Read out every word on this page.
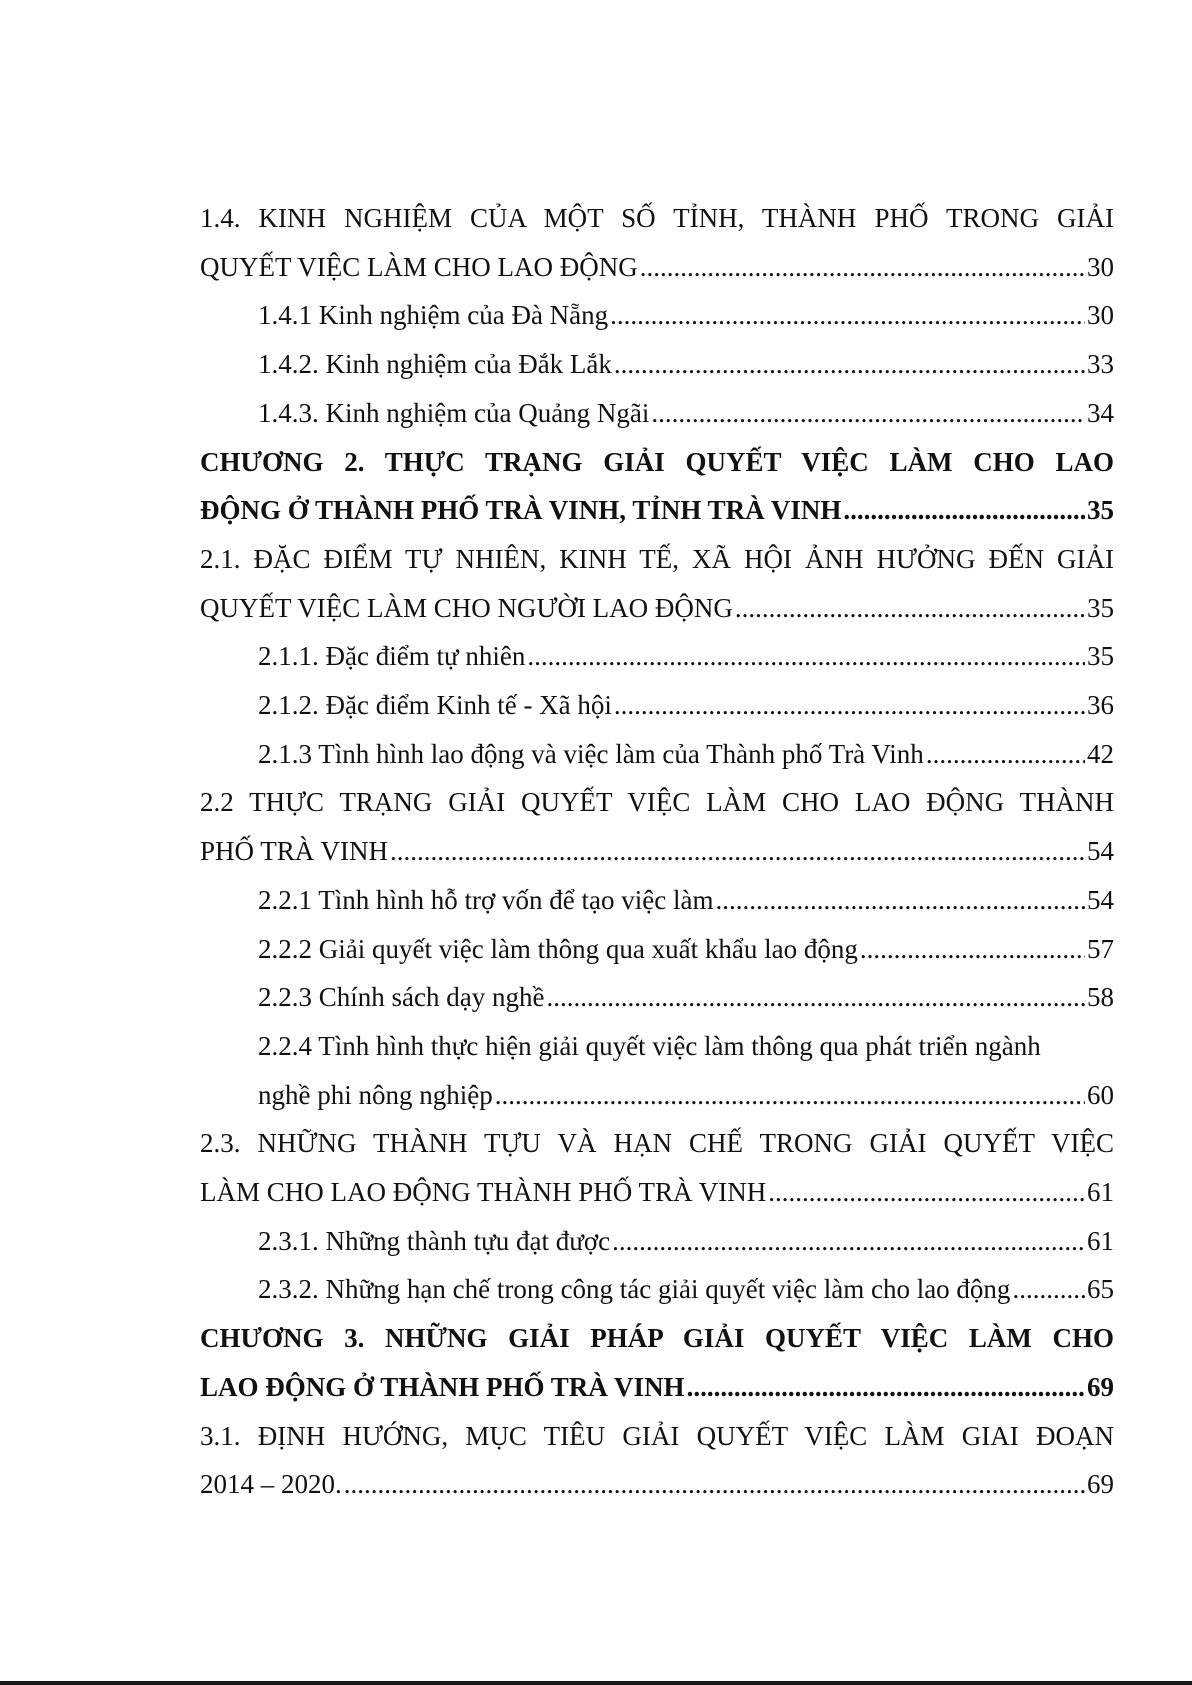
1.4. KINH NGHIỆM CỦA MỘT SỐ TỈNH, THÀNH PHỐ TRONG GIẢI
QUYẾT VIỆC LÀM CHO LAO ĐỘNG .....	30
1.4.1 Kinh nghiệm của Đà Nẵng .....	30
1.4.2. Kinh nghiệm của Đắk Lắk .....	33
1.4.3. Kinh nghiệm của Quảng Ngãi .....	34
CHƯƠNG 2. THỰC TRẠNG GIẢI QUYẾT VIỆC LÀM CHO LAO
ĐỘNG Ở THÀNH PHỐ TRÀ VINH, TỈNH TRÀ VINH .....	35
2.1. ĐẶC ĐIỂM TỰ NHIÊN, KINH TẾ, XÃ HỘI ẢNH HƯỞNG ĐẾN GIẢI
QUYẾT VIỆC LÀM CHO NGƯỜI LAO ĐỘNG .....	35
2.1.1. Đặc điểm tự nhiên .....	35
2.1.2. Đặc điểm Kinh tế - Xã hội .....	36
2.1.3 Tình hình lao động và việc làm của Thành phố Trà Vinh .....	42
2.2 THỰC TRẠNG GIẢI QUYẾT VIỆC LÀM CHO LAO ĐỘNG THÀNH
PHỐ TRÀ VINH .....	54
2.2.1 Tình hình hỗ trợ vốn để tạo việc làm .....	54
2.2.2 Giải quyết việc làm thông qua xuất khẩu lao động .....	57
2.2.3 Chính sách dạy nghề .....	58
2.2.4 Tình hình thực hiện giải quyết việc làm thông qua phát triển ngành
nghề phi nông nghiệp .....	60
2.3. NHỮNG THÀNH TỰU VÀ HẠN CHẾ TRONG GIẢI QUYẾT VIỆC
LÀM CHO LAO ĐỘNG THÀNH PHỐ TRÀ VINH .....	61
2.3.1. Những thành tựu đạt được .....	61
2.3.2. Những hạn chế trong công tác giải quyết việc làm cho lao động .....	65
CHƯƠNG 3. NHỮNG GIẢI PHÁP GIẢI QUYẾT VIỆC LÀM CHO
LAO ĐỘNG Ở THÀNH PHỐ TRÀ VINH .....	69
3.1. ĐỊNH HƯỚNG, MỤC TIÊU GIẢI QUYẾT VIỆC LÀM GIAI ĐOẠN
2014 – 2020. .....	69
